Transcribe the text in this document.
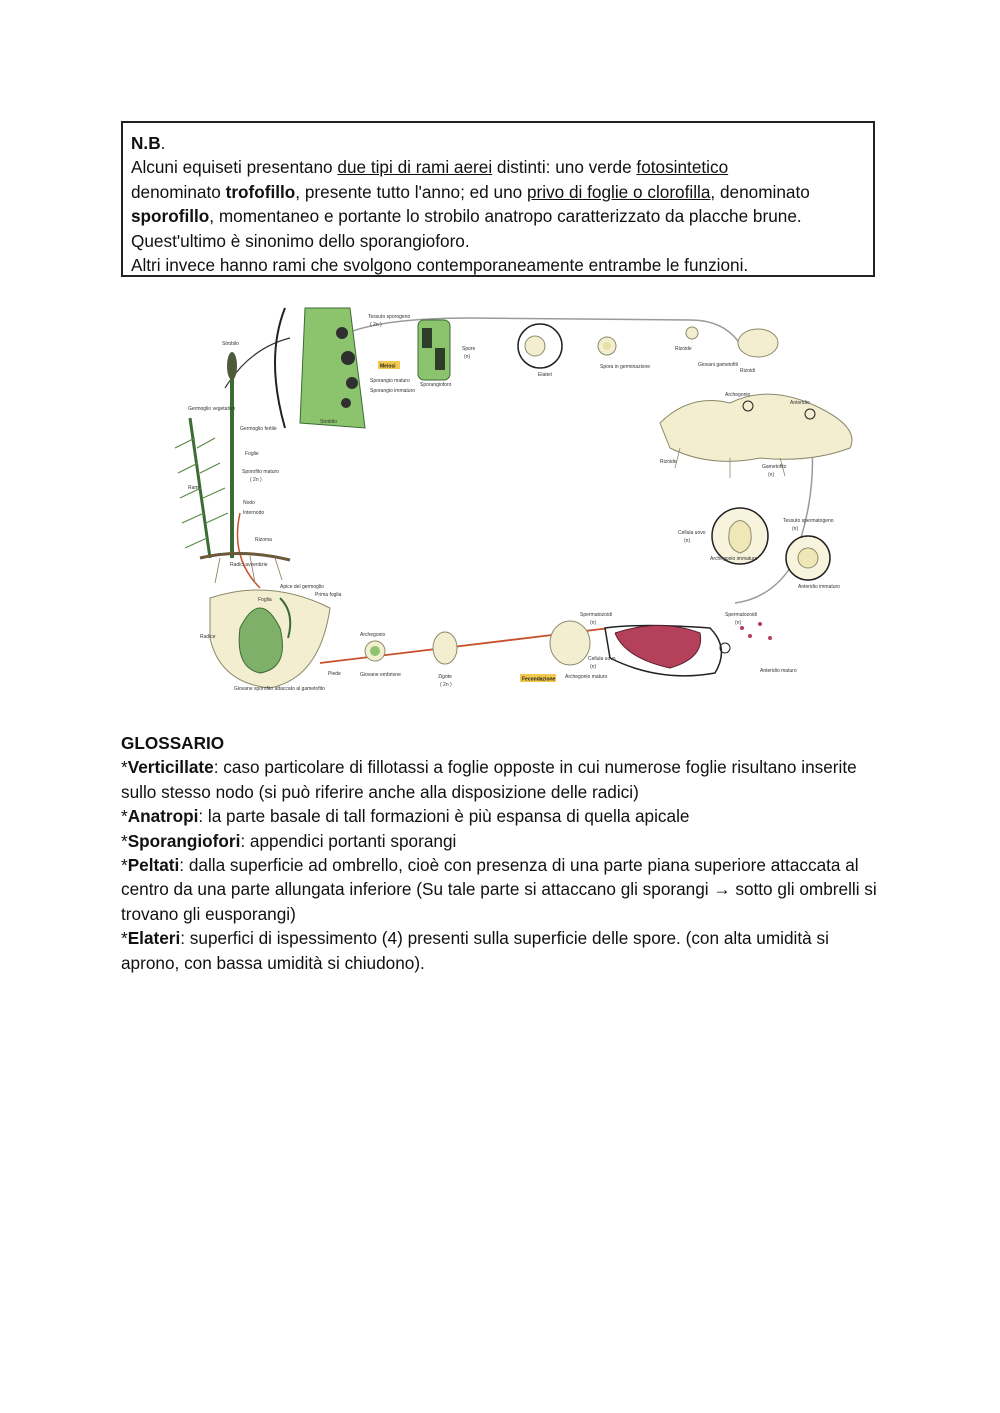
N.B.

Alcuni equiseti presentano due tipi di rami aerei distinti: uno verde fotosintetico

denominato trofofillo, presente tutto l'anno; ed uno privo di foglie o clorofilla, denominato

sporofillo, momentaneo e portante lo strobilo anatropo caratterizzato da placche brune.

Quest'ultimo è sinonimo dello sporangioforo.

Altri invece hanno rami che svolgono contemporaneamente entrambe le funzioni.

Meiosi
Fecondazione
Strobilo
Germoglio vegetativo
Germoglio fertile
Foglie
Sporofito maturo
( 2n )
Rami
Nodo
Internodo
Rizoma
Radici avventizie
Apice del germoglio
Foglia
Prima foglia
Radice
Piede
Giovane sporofito attaccato al gametofito
Strobilo
Tessuto sporogeno
( 2n )
Sporangio maturo
Sporangio immaturo
Sporangioforo
Spore
(n)
Elateri
Spora in germinazione
Rizoide
Giovani gametofiti
Rizoidi
Archegonio
Anteridio
Rizoide
Gametofito
(n)
Cellula uovo
(n)
Archegonio immaturo
Tessuto spermatogeno
(n)
Anteridio immaturo
Spermatozoidi
(n)
Spermatozoidi
(n)
Anteridio maturo
Cellula uovo
(n)
Archegonio maturo
Zigote
( 2n )
Giovane embrione
Archegonio

GLOSSARIO

*Verticillate: caso particolare di fillotassi a foglie opposte in cui numerose foglie risultano inserite sullo stesso nodo (si può riferire anche alla disposizione delle radici)

*Anatropi: la parte basale di tall formazioni è più espansa di quella apicale

*Sporangiofori: appendici portanti sporangi

*Peltati: dalla superficie ad ombrello, cioè con presenza di una parte piana superiore attaccata al centro da una parte allungata inferiore (Su tale parte si attaccano gli sporangi → sotto gli ombrelli si trovano gli eusporangi)

*Elateri: superfici di ispessimento (4) presenti sulla superficie delle spore. (con alta umidità si aprono, con bassa umidità si chiudono).
